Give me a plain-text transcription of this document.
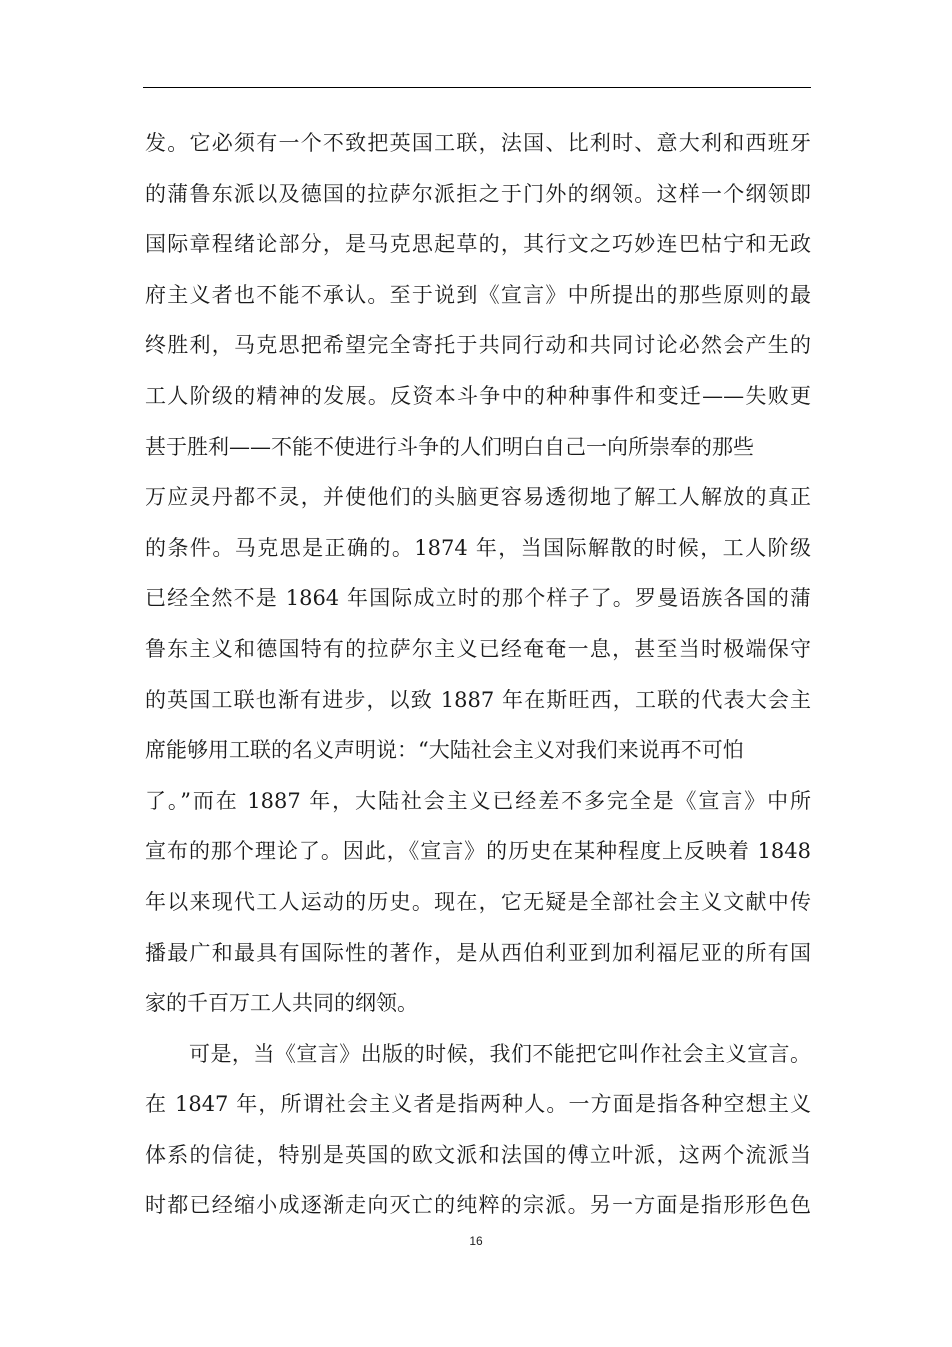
发。它必须有一个不致把英国工联，法国、比利时、意大利和西班牙
的蒲鲁东派以及德国的拉萨尔派拒之于门外的纲领。这样一个纲领即
国际章程绪论部分，是马克思起草的，其行文之巧妙连巴枯宁和无政
府主义者也不能不承认。至于说到《宣言》中所提出的那些原则的最
终胜利，马克思把希望完全寄托于共同行动和共同讨论必然会产生的
工人阶级的精神的发展。反资本斗争中的种种事件和变迁——失败更
甚于胜利——不能不使进行斗争的人们明白自己一向所崇奉的那些
万应灵丹都不灵，并使他们的头脑更容易透彻地了解工人解放的真正
的条件。马克思是正确的。1874 年，当国际解散的时候，工人阶级
已经全然不是 1864 年国际成立时的那个样子了。罗曼语族各国的蒲
鲁东主义和德国特有的拉萨尔主义已经奄奄一息，甚至当时极端保守
的英国工联也渐有进步，以致 1887 年在斯旺西，工联的代表大会主
席能够用工联的名义声明说：“大陆社会主义对我们来说再不可怕
了。”而在 1887 年，大陆社会主义已经差不多完全是《宣言》中所
宣布的那个理论了。因此，《宣言》的历史在某种程度上反映着 1848
年以来现代工人运动的历史。现在，它无疑是全部社会主义文献中传
播最广和最具有国际性的著作，是从西伯利亚到加利福尼亚的所有国
家的千百万工人共同的纲领。
可是，当《宣言》出版的时候，我们不能把它叫作社会主义宣言。
在 1847 年，所谓社会主义者是指两种人。一方面是指各种空想主义
体系的信徒，特别是英国的欧文派和法国的傅立叶派，这两个流派当
时都已经缩小成逐渐走向灭亡的纯粹的宗派。另一方面是指形形色色
16
